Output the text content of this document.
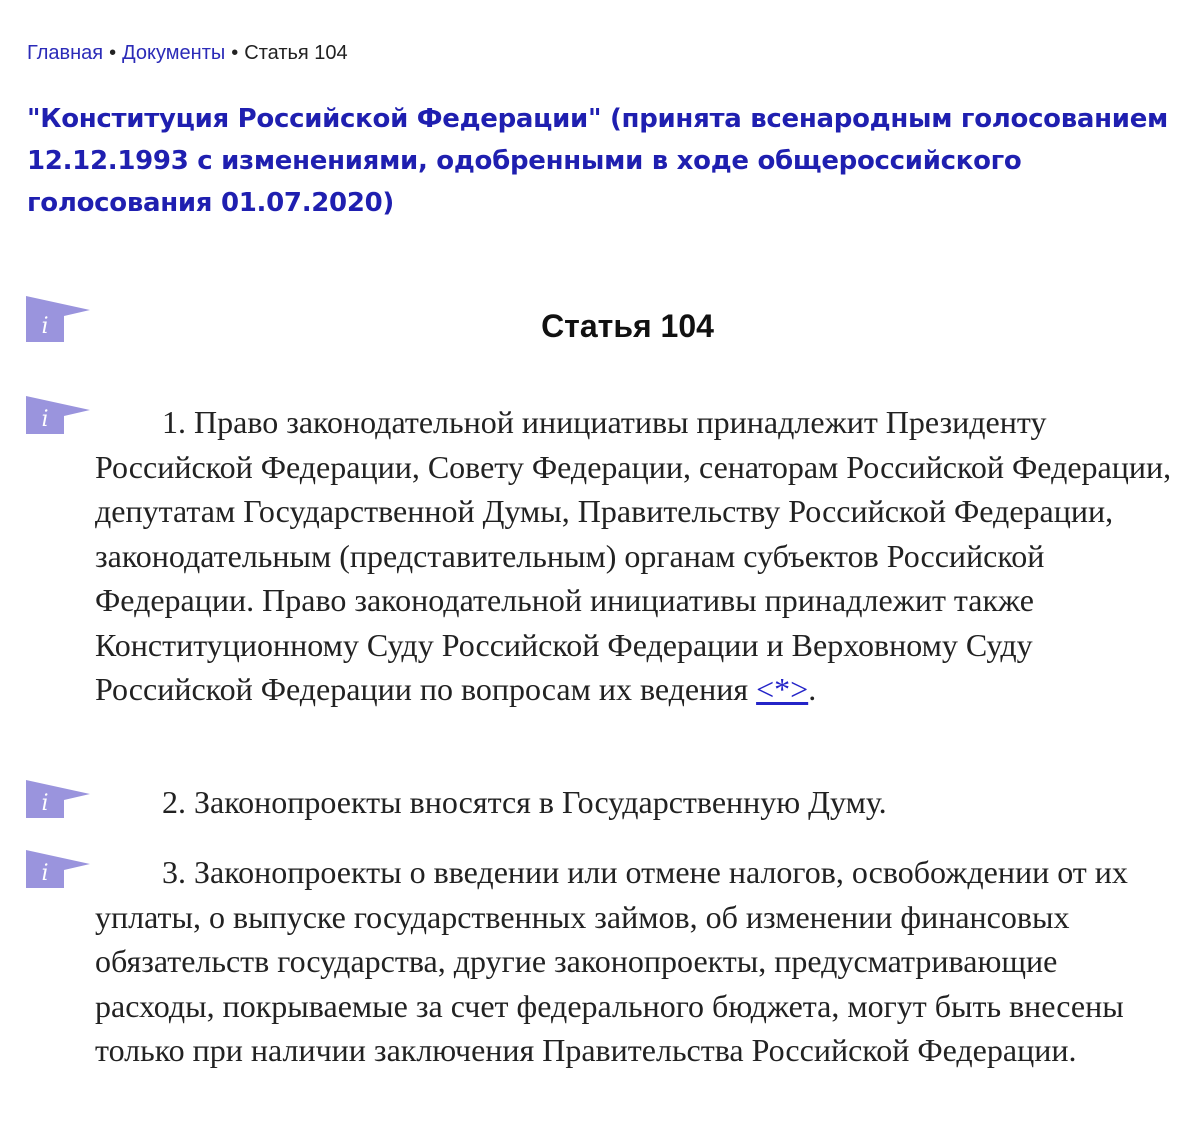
Главная • Документы • Статья 104
"Конституция Российской Федерации" (принята всенародным голосованием 12.12.1993 с изменениями, одобренными в ходе общероссийского голосования 01.07.2020)
i	Статья 104
i	1. Право законодательной инициативы принадлежит Президенту Российской Федерации, Совету Федерации, сенаторам Российской Федерации, депутатам Государственной Думы, Правительству Российской Федерации, законодательным (представительным) органам субъектов Российской Федерации. Право законодательной инициативы принадлежит также Конституционному Суду Российской Федерации и Верховному Суду Российской Федерации по вопросам их ведения <*>.

i	2. Законопроекты вносятся в Государственную Думу.

i	3. Законопроекты о введении или отмене налогов, освобождении от их уплаты, о выпуске государственных займов, об изменении финансовых обязательств государства, другие законопроекты, предусматривающие расходы, покрываемые за счет федерального бюджета, могут быть внесены только при наличии заключения Правительства Российской Федерации.
